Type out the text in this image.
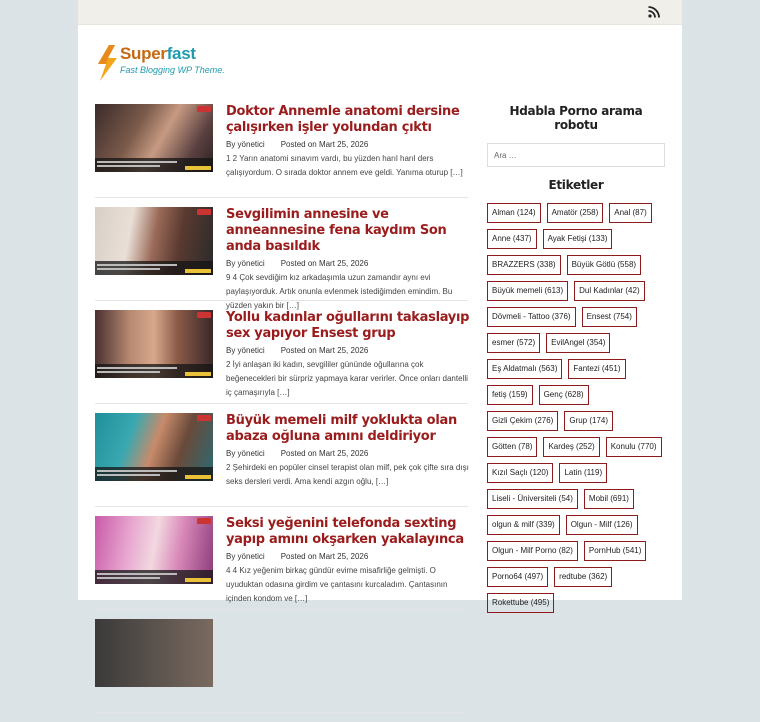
Superfast
Fast Blogging WP Theme.
Doktor Annemle anatomi dersine çalışırken işler yolundan çıktı
By yönetici Posted on Mart 25, 2026
1 2 Yarın anatomi sınavım vardı, bu yüzden harıl harıl ders çalışıyordum. O sırada doktor annem eve geldi. Yanıma oturup […]
Sevgilimin annesine ve anneannesine fena kaydım Son anda basıldık
By yönetici Posted on Mart 25, 2026
9 4 Çok sevdiğim kız arkadaşımla uzun zamandır aynı evi paylaşıyorduk. Artık onunla evlenmek istediğimden emindim. Bu yüzden yakın bir […]
Yollu kadınlar oğullarını takaslayıp sex yapıyor Ensest grup
By yönetici Posted on Mart 25, 2026
2 İyi anlaşan iki kadın, sevgililer gününde oğullarına çok beğenecekleri bir sürpriz yapmaya karar verirler. Önce onları dantelli iç çamaşırıyla […]
Büyük memeli milf yoklukta olan abaza oğluna amını deldiriyor
By yönetici Posted on Mart 25, 2026
2 Şehirdeki en popüler cinsel terapist olan milf, pek çok çifte sıra dışı seks dersleri verdi. Ama kendi azgın oğlu, […]
Seksi yeğenini telefonda sexting yapıp amını okşarken yakalayınca
By yönetici Posted on Mart 25, 2026
4 4 Kız yeğenim birkaç gündür evime misafirliğe gelmişti. O uyuduktan odasına girdim ve çantasını kurcaladım. Çantasının içinden kondom ve […]
Hdabla Porno arama robotu
Ara …
Etiketler
Alman (124)	Amatör (258)	Anal (87)
Anne (437)	Ayak Fetişi (133)
BRAZZERS (338)	Büyük Götlü (558)
Büyük memeli (613)	Dul Kadınlar (42)
Dövmeli - Tattoo (376)	Ensest (754)
esmer (572)	EvilAngel (354)
Eş Aldatmalı (563)	Fantezi (451)
fetiş (159)	Genç (628)
Gizli Çekim (276)	Grup (174)
Götten (78)	Kardeş (252)	Konulu (770)
Kızıl Saçlı (120)	Latin (119)
Liseli - Üniversiteli (54)	Mobil (691)
olgun & milf (339)	Olgun - Milf (126)
Olgun - Milf Porno (82)	PornHub (541)
Porno64 (497)	redtube (362)
Rokettube (495)
